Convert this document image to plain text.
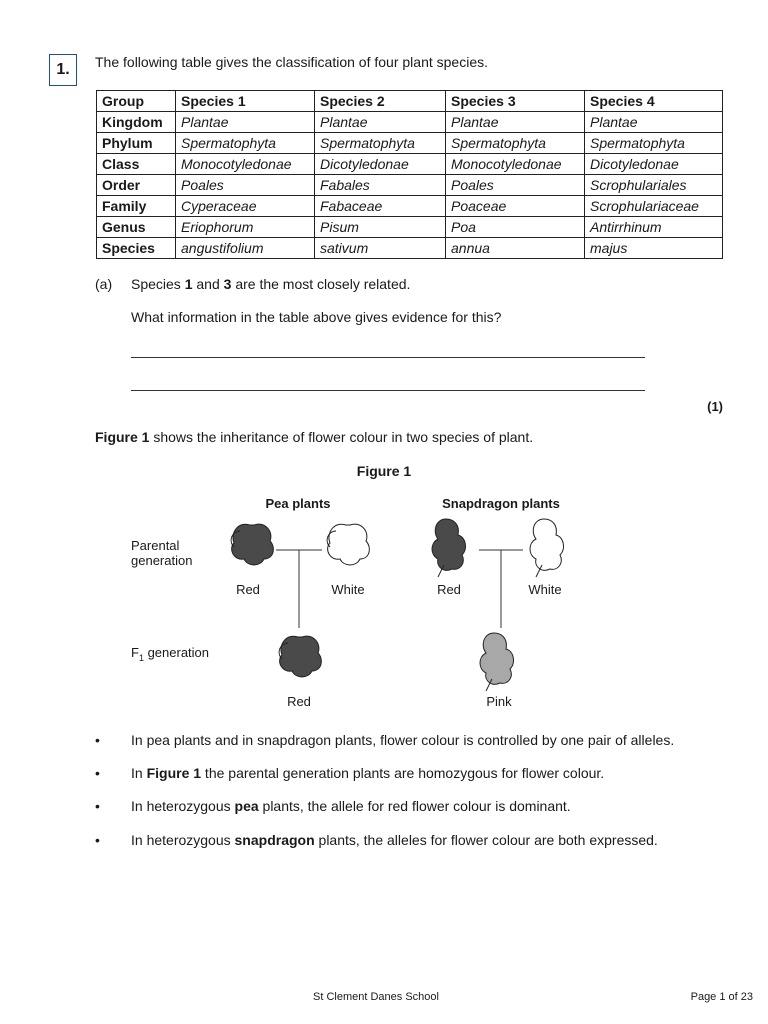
1.	The following table gives the classification of four plant species.
Group	Species 1	Species 2	Species 3	Species 4
Kingdom	Plantae	Plantae	Plantae	Plantae
Phylum	Spermatophyta	Spermatophyta	Spermatophyta	Spermatophyta
Class	Monocotyledonae	Dicotyledonae	Monocotyledonae	Dicotyledonae
Order	Poales	Fabales	Poales	Scrophulariales
Family	Cyperaceae	Fabaceae	Poaceae	Scrophulariaceae
Genus	Eriophorum	Pisum	Poa	Antirrhinum
Species	angustifolium	sativum	annua	majus
(a) Species 1 and 3 are the most closely related.
What information in the table above gives evidence for this?
(1)
Figure 1 shows the inheritance of flower colour in two species of plant.
Figure 1
Pea plants	Snapdragon plants
Parental
generation
$F_1$ generation
Red	White	Red	White
Red	Pink
• In pea plants and in snapdragon plants, flower colour is controlled by one pair of alleles.
• In Figure 1 the parental generation plants are homozygous for flower colour.
• In heterozygous pea plants, the allele for red flower colour is dominant.
• In heterozygous snapdragon plants, the alleles for flower colour are both expressed.
St Clement Danes School	Page 1 of 23
